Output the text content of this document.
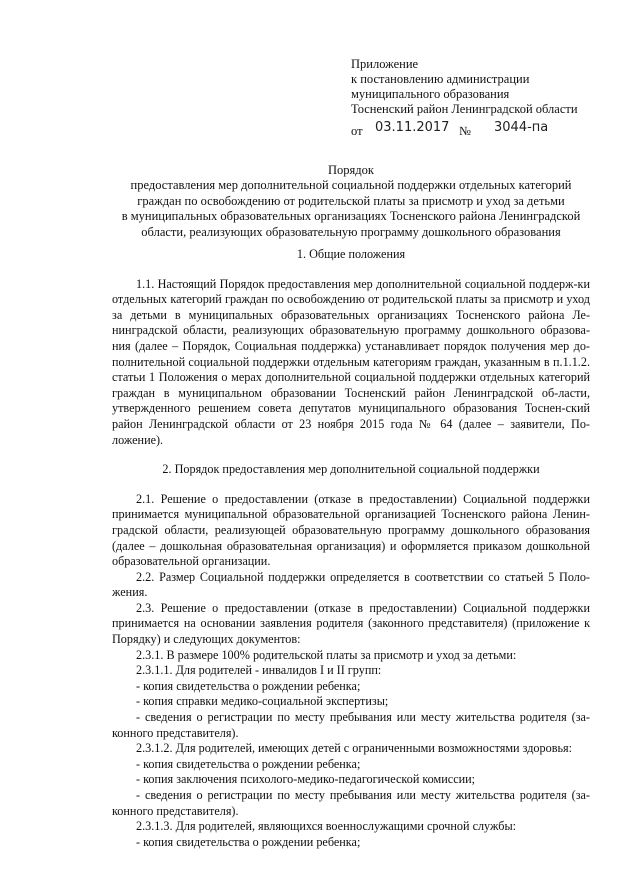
Приложение
к постановлению администрации
муниципального образования
Тосненский район Ленинградской области
от 03.11.2017 № 3044-па
Порядок
предоставления мер дополнительной социальной поддержки отдельных категорий
граждан по освобождению от родительской платы за присмотр и уход за детьми
в муниципальных образовательных организациях Тосненского района Ленинградской
области, реализующих образовательную программу дошкольного образования
1. Общие положения

1.1. Настоящий Порядок предоставления мер дополнительной социальной поддерж-ки отдельных категорий граждан по освобождению от родительской платы за присмотр и уход за детьми в муниципальных образовательных организациях Тосненского района Ле-нинградской области, реализующих образовательную программу дошкольного образова-ния (далее – Порядок, Социальная поддержка) устанавливает порядок получения мер до-полнительной социальной поддержки отдельным категориям граждан, указанным в п.1.1.2. статьи 1 Положения о мерах дополнительной социальной поддержки отдельных категорий граждан в муниципальном образовании Тосненский район Ленинградской об-ласти, утвержденного решением совета депутатов муниципального образования Тоснен-ский район Ленинградской области от 23 ноября 2015 года № 64 (далее – заявители, По-ложение).

2. Порядок предоставления мер дополнительной социальной поддержки

2.1. Решение о предоставлении (отказе в предоставлении) Социальной поддержки принимается муниципальной образовательной организацией Тосненского района Ленин-градской области, реализующей образовательную программу дошкольного образования (далее – дошкольная образовательная организация) и оформляется приказом дошкольной образовательной организации.

2.2. Размер Социальной поддержки определяется в соответствии со статьей 5 Поло-жения.

2.3. Решение о предоставлении (отказе в предоставлении) Социальной поддержки принимается на основании заявления родителя (законного представителя) (приложение к Порядку) и следующих документов:

2.3.1. В размере 100% родительской платы за присмотр и уход за детьми:

2.3.1.1. Для родителей - инвалидов I и II групп:

- копия свидетельства о рождении ребенка;

- копия справки медико-социальной экспертизы;

- сведения о регистрации по месту пребывания или месту жительства родителя (за-конного представителя).

2.3.1.2. Для родителей, имеющих детей с ограниченными возможностями здоровья:

- копия свидетельства о рождении ребенка;

- копия заключения психолого-медико-педагогической комиссии;

- сведения о регистрации по месту пребывания или месту жительства родителя (за-конного представителя).

2.3.1.3. Для родителей, являющихся военнослужащими срочной службы:

- копия свидетельства о рождении ребенка;
